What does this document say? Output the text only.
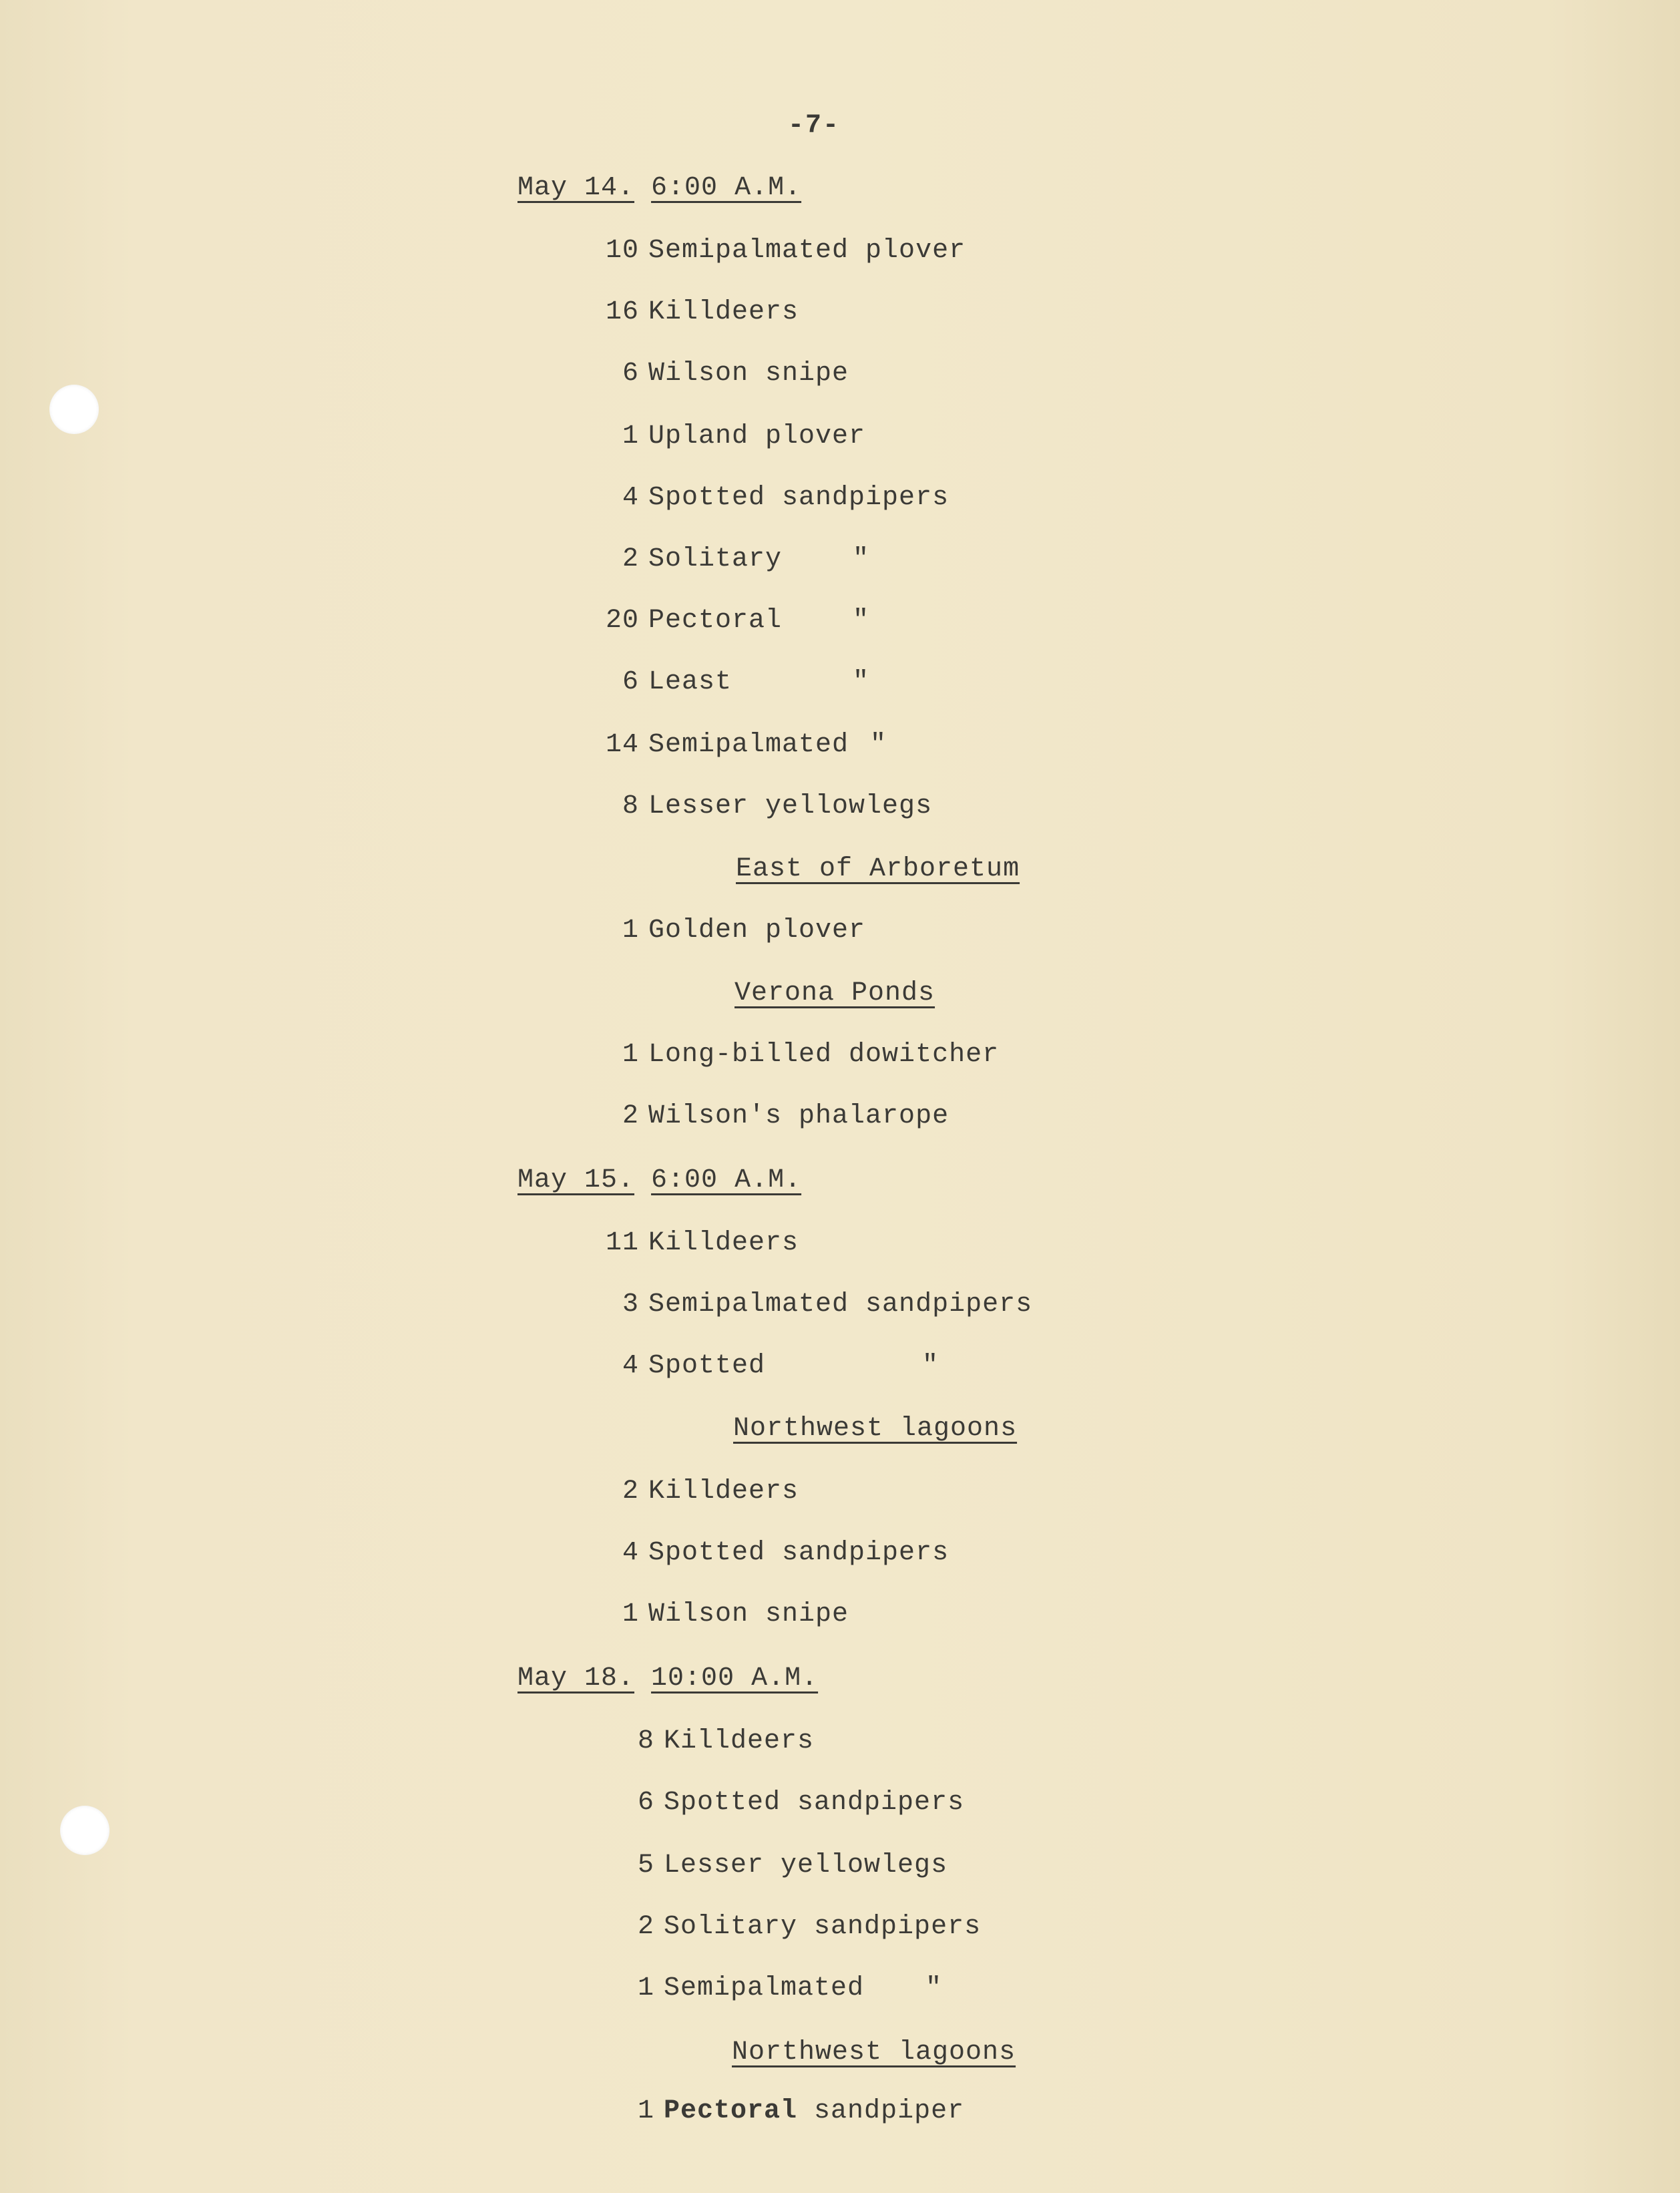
-7-
May 14. 6:00 A.M.
10 Semipalmated plover
16 Killdeers
6 Wilson snipe
1 Upland plover
4 Spotted sandpipers
2 Solitary	"
20 Pectoral	"
6 Least	"
14 Semipalmated "
8 Lesser yellowlegs
East of Arboretum
1 Golden plover
Verona Ponds
1 Long-billed dowitcher
2 Wilson's phalarope
May 15. 6:00 A.M.
11 Killdeers
3 Semipalmated sandpipers
4 Spotted	"
Northwest lagoons
2 Killdeers
4 Spotted sandpipers
1 Wilson snipe
May 18. 10:00 A.M.
8 Killdeers
6 Spotted sandpipers
5 Lesser yellowlegs
2 Solitary sandpipers
1 Semipalmated "
Northwest lagoons
1 Pectoral sandpiper
